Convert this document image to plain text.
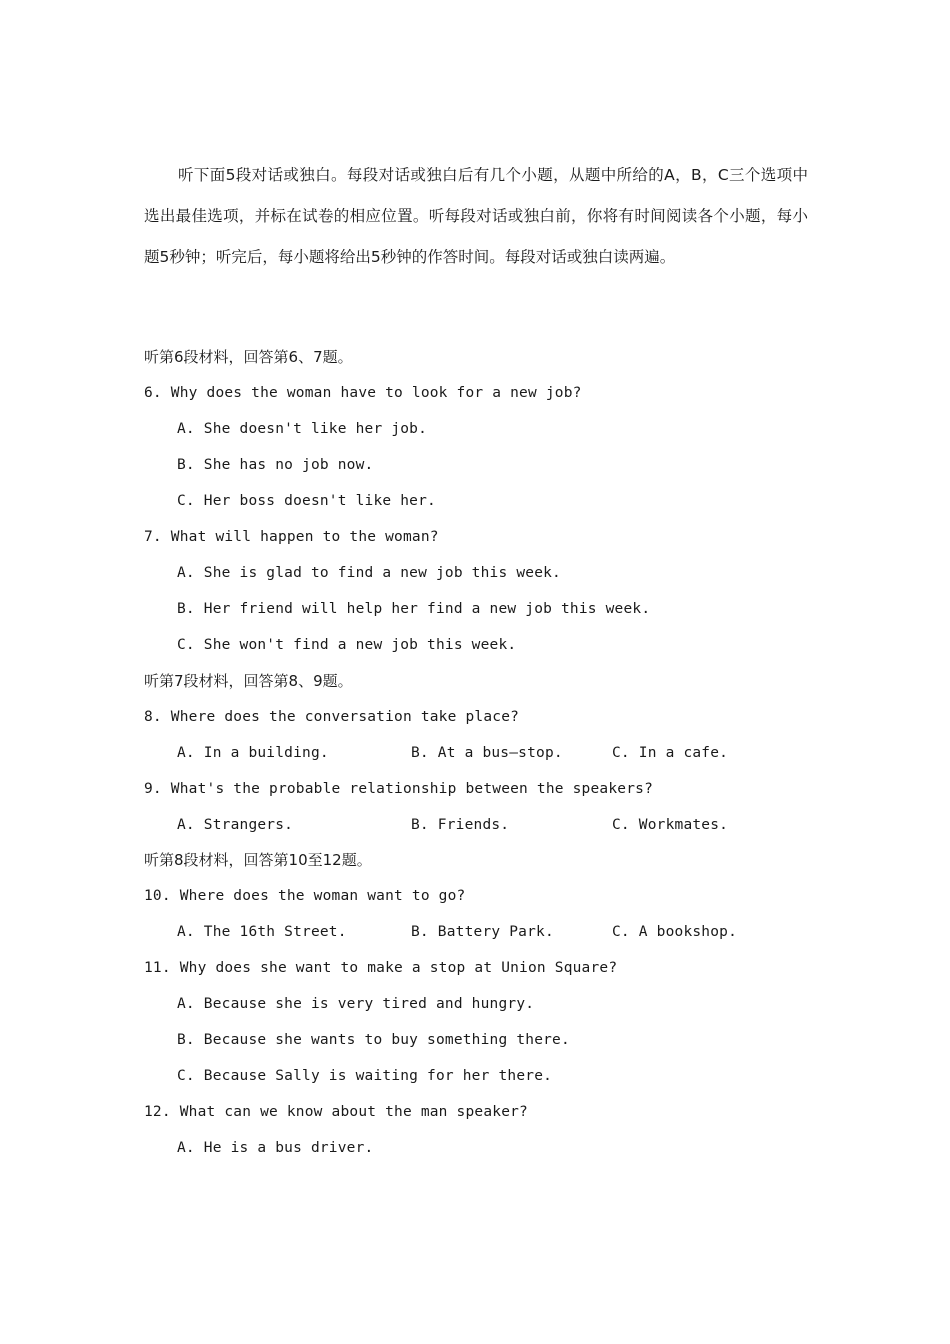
听下面5段对话或独白。每段对话或独白后有几个小题，从题中所给的A，B，C三个选项中选出最佳选项，并标在试卷的相应位置。听每段对话或独白前，你将有时间阅读各个小题，每小题5秒钟；听完后，每小题将给出5秒钟的作答时间。每段对话或独白读两遍。

听第6段材料，回答第6、7题。

6. Why does the woman have to look for a new job?

A. She doesn't like her job.

B. She has no job now.

C. Her boss doesn't like her.

7. What will happen to the woman?

A. She is glad to find a new job this week.

B. Her friend will help her find a new job this week.

C. She won't find a new job this week.

听第7段材料，回答第8、9题。

8. Where does the conversation take place?

A. In a building.	B. At a bus—stop.	C. In a cafe.

9. What's the probable relationship between the speakers?

A. Strangers.	B. Friends.	C. Workmates.

听第8段材料，回答第10至12题。

10. Where does the woman want to go?

A. The 16th Street.	B. Battery Park.	C. A bookshop.

11. Why does she want to make a stop at Union Square?

A. Because she is very tired and hungry.

B. Because she wants to buy something there.

C. Because Sally is waiting for her there.

12. What can we know about the man speaker?

A. He is a bus driver.
